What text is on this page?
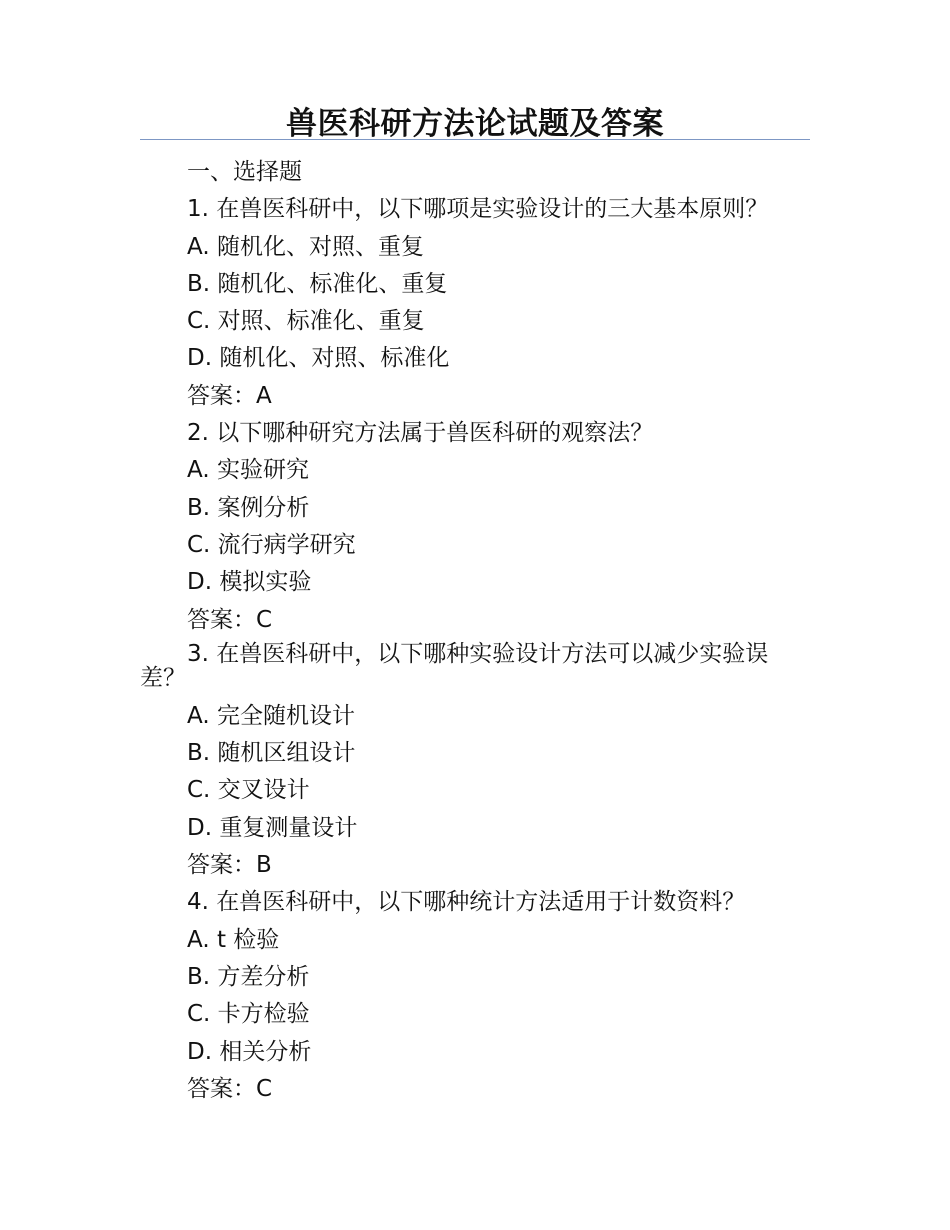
兽医科研方法论试题及答案

一、选择题

1. 在兽医科研中，以下哪项是实验设计的三大基本原则？

A. 随机化、对照、重复

B. 随机化、标准化、重复

C. 对照、标准化、重复

D. 随机化、对照、标准化

答案：A

2. 以下哪种研究方法属于兽医科研的观察法？

A. 实验研究

B. 案例分析

C. 流行病学研究

D. 模拟实验

答案：C

3. 在兽医科研中，以下哪种实验设计方法可以减少实验误差？

A. 完全随机设计

B. 随机区组设计

C. 交叉设计

D. 重复测量设计

答案：B

4. 在兽医科研中，以下哪种统计方法适用于计数资料？

A. t 检验

B. 方差分析

C. 卡方检验

D. 相关分析

答案：C
